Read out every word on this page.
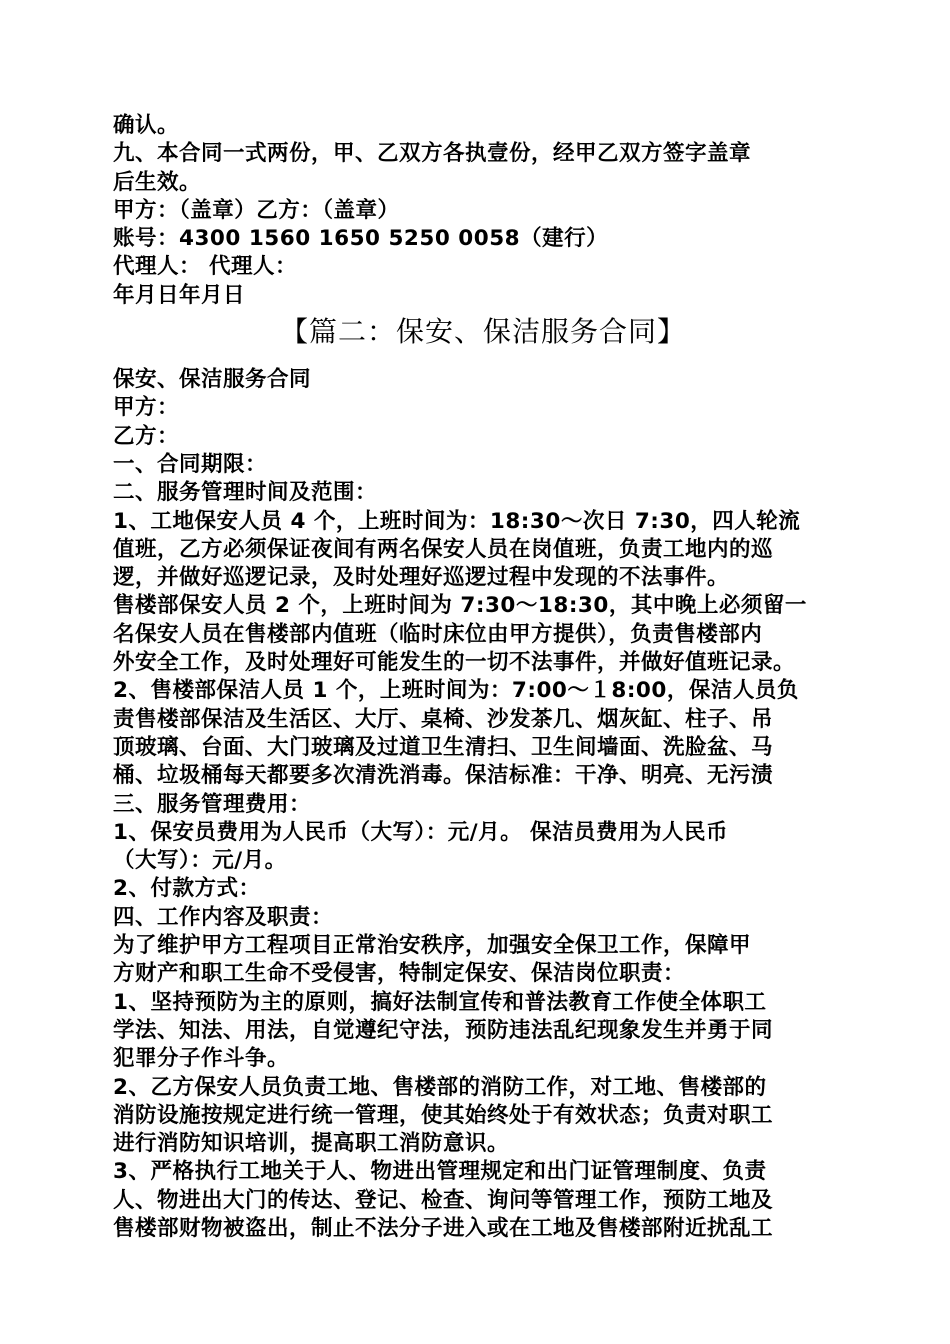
确认。
九、本合同一式两份，甲、乙双方各执壹份，经甲乙双方签字盖章
后生效。
甲方：（盖章）乙方：（盖章）
账号：4300 1560 1650 5250 0058（建行）
代理人： 代理人：
年月日年月日
【篇二：保安、保洁服务合同】
保安、保洁服务合同
甲方：
乙方：
一、合同期限：
二、服务管理时间及范围：
1、工地保安人员 4 个，上班时间为：18:30～次日 7:30，四人轮流
值班，乙方必须保证夜间有两名保安人员在岗值班，负责工地内的巡
逻，并做好巡逻记录，及时处理好巡逻过程中发现的不法事件。
售楼部保安人员 2 个，上班时间为 7:30～18:30，其中晚上必须留一
名保安人员在售楼部内值班（临时床位由甲方提供），负责售楼部内
外安全工作，及时处理好可能发生的一切不法事件，并做好值班记录。
2、售楼部保洁人员 1 个，上班时间为：7:00～１8:00，保洁人员负
责售楼部保洁及生活区、大厅、桌椅、沙发茶几、烟灰缸、柱子、吊
顶玻璃、台面、大门玻璃及过道卫生清扫、卫生间墙面、洗脸盆、马
桶、垃圾桶每天都要多次清洗消毒。保洁标准：干净、明亮、无污渍
三、服务管理费用：
1、保安员费用为人民币（大写）：元/月。 保洁员费用为人民币
（大写）：元/月。
2、付款方式：
四、工作内容及职责：
为了维护甲方工程项目正常治安秩序，加强安全保卫工作，保障甲
方财产和职工生命不受侵害，特制定保安、保洁岗位职责：
1、坚持预防为主的原则，搞好法制宣传和普法教育工作使全体职工
学法、知法、用法，自觉遵纪守法，预防违法乱纪现象发生并勇于同
犯罪分子作斗争。
2、乙方保安人员负责工地、售楼部的消防工作，对工地、售楼部的
消防设施按规定进行统一管理，使其始终处于有效状态；负责对职工
进行消防知识培训，提高职工消防意识。
3、严格执行工地关于人、物进出管理规定和出门证管理制度、负责
人、物进出大门的传达、登记、检查、询问等管理工作，预防工地及
售楼部财物被盗出，制止不法分子进入或在工地及售楼部附近扰乱工
